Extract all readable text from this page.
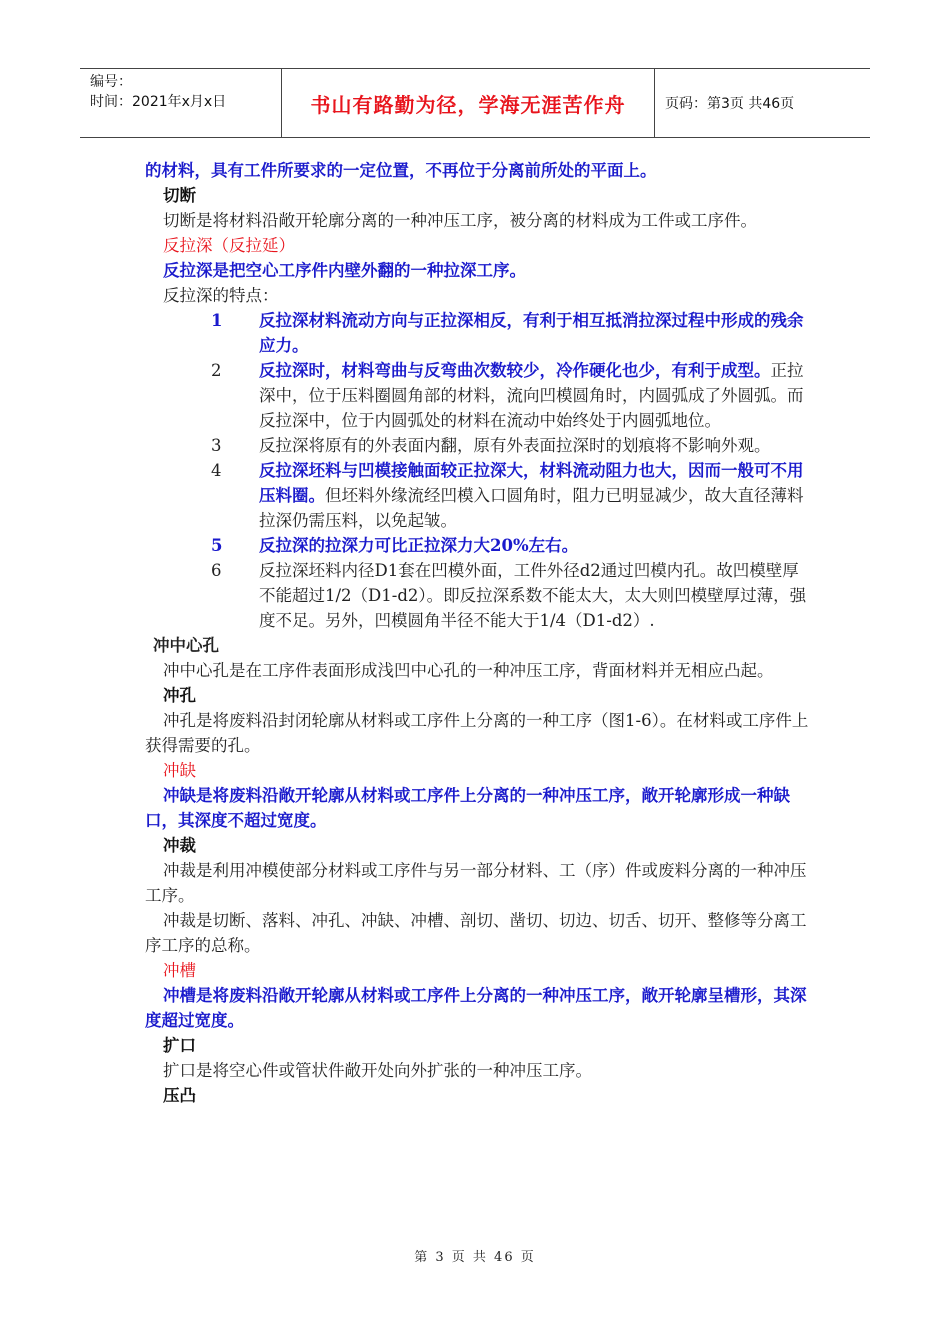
编号：
时间：2021年x月x日	书山有路勤为径，学海无涯苦作舟	页码：第3页 共46页

的材料，具有工件所要求的一定位置，不再位于分离前所处的平面上。

切断

切断是将材料沿敞开轮廓分离的一种冲压工序，被分离的材料成为工件或工序件。

反拉深（反拉延）

反拉深是把空心工序件内壁外翻的一种拉深工序。

反拉深的特点：

1 反拉深材料流动方向与正拉深相反，有利于相互抵消拉深过程中形成的残余应力。
2 反拉深时，材料弯曲与反弯曲次数较少，冷作硬化也少，有利于成型。正拉深中，位于压料圈圆角部的材料，流向凹模圆角时，内圆弧成了外圆弧。而反拉深中，位于内圆弧处的材料在流动中始终处于内圆弧地位。
3 反拉深将原有的外表面内翻，原有外表面拉深时的划痕将不影响外观。
4 反拉深坯料与凹模接触面较正拉深大，材料流动阻力也大，因而一般可不用压料圈。但坯料外缘流经凹模入口圆角时，阻力已明显减少，故大直径薄料拉深仍需压料，以免起皱。
5 反拉深的拉深力可比正拉深力大20%左右。
6 反拉深坯料内径D1套在凹模外面，工件外径d2通过凹模内孔。故凹模壁厚不能超过1/2（D1-d2）。即反拉深系数不能太大，太大则凹模壁厚过薄，强度不足。另外，凹模圆角半径不能大于1/4（D1-d2）.

冲中心孔

冲中心孔是在工序件表面形成浅凹中心孔的一种冲压工序，背面材料并无相应凸起。

冲孔

冲孔是将废料沿封闭轮廓从材料或工序件上分离的一种工序（图1-6）。在材料或工序件上获得需要的孔。

冲缺

冲缺是将废料沿敞开轮廓从材料或工序件上分离的一种冲压工序，敞开轮廓形成一种缺口，其深度不超过宽度。

冲裁

冲裁是利用冲模使部分材料或工序件与另一部分材料、工（序）件或废料分离的一种冲压工序。

冲裁是切断、落料、冲孔、冲缺、冲槽、剖切、凿切、切边、切舌、切开、整修等分离工序工序的总称。

冲槽

冲槽是将废料沿敞开轮廓从材料或工序件上分离的一种冲压工序，敞开轮廓呈槽形，其深度超过宽度。

扩口

扩口是将空心件或管状件敞开处向外扩张的一种冲压工序。

压凸

第 3 页 共 46 页
